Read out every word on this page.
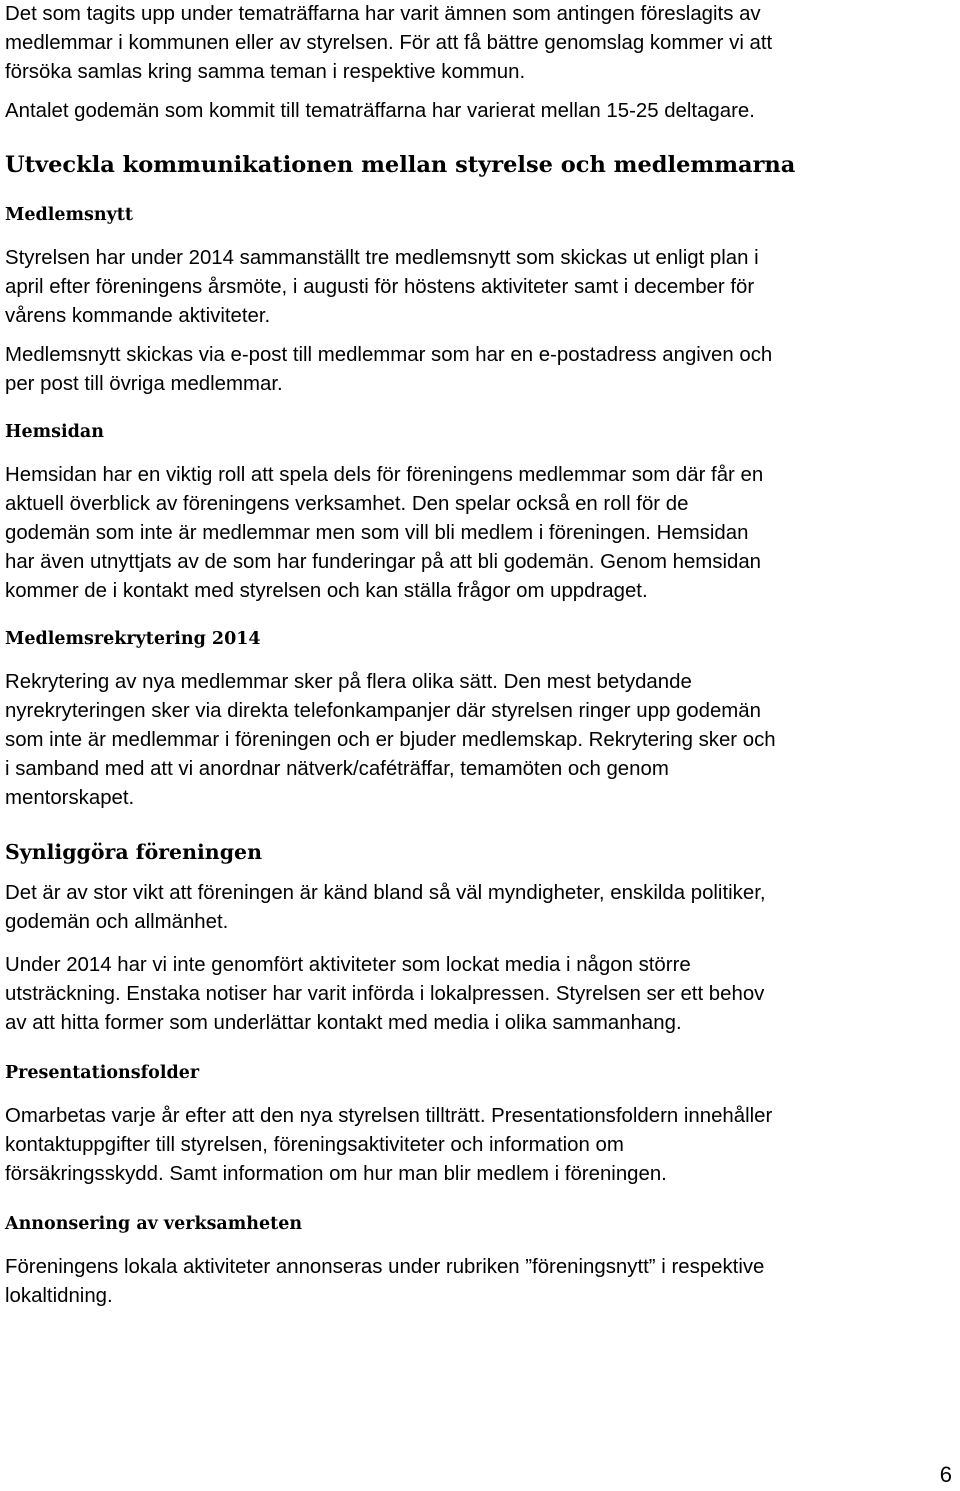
Det som tagits upp under tematräffarna har varit ämnen som antingen föreslagits av
medlemmar i kommunen eller av styrelsen. För att få bättre genomslag kommer vi att
försöka samlas kring samma teman i respektive kommun.

Antalet godemän som kommit till tematräffarna har varierat mellan 15-25 deltagare.

Utveckla kommunikationen mellan styrelse och medlemmarna
Medlemsnytt

Styrelsen har under 2014 sammanställt tre medlemsnytt som skickas ut enligt plan i
april efter föreningens årsmöte, i augusti för höstens aktiviteter samt i december för
vårens kommande aktiviteter.

Medlemsnytt skickas via e-post till medlemmar som har en e-postadress angiven och
per post till övriga medlemmar.

Hemsidan

Hemsidan har en viktig roll att spela dels för föreningens medlemmar som där får en
aktuell överblick av föreningens verksamhet. Den spelar också en roll för de
godemän som inte är medlemmar men som vill bli medlem i föreningen. Hemsidan
har även utnyttjats av de som har funderingar på att bli godemän. Genom hemsidan
kommer de i kontakt med styrelsen och kan ställa frågor om uppdraget.

Medlemsrekrytering 2014

Rekrytering av nya medlemmar sker på flera olika sätt. Den mest betydande
nyrekryteringen sker via direkta telefonkampanjer där styrelsen ringer upp godemän
som inte är medlemmar i föreningen och er bjuder medlemskap. Rekrytering sker och
i samband med att vi anordnar nätverk/caféträffar, temamöten och genom
mentorskapet.

Synliggöra föreningen

Det är av stor vikt att föreningen är känd bland så väl myndigheter, enskilda politiker,
godemän och allmänhet.

Under 2014 har vi inte genomfört aktiviteter som lockat media i någon större
utsträckning. Enstaka notiser har varit införda i lokalpressen. Styrelsen ser ett behov
av att hitta former som underlättar kontakt med media i olika sammanhang.

Presentationsfolder

Omarbetas varje år efter att den nya styrelsen tillträtt. Presentationsfoldern innehåller
kontaktuppgifter till styrelsen, föreningsaktiviteter och information om
försäkringsskydd. Samt information om hur man blir medlem i föreningen.

Annonsering av verksamheten

Föreningens lokala aktiviteter annonseras under rubriken ”föreningsnytt” i respektive
lokaltidning.

6
